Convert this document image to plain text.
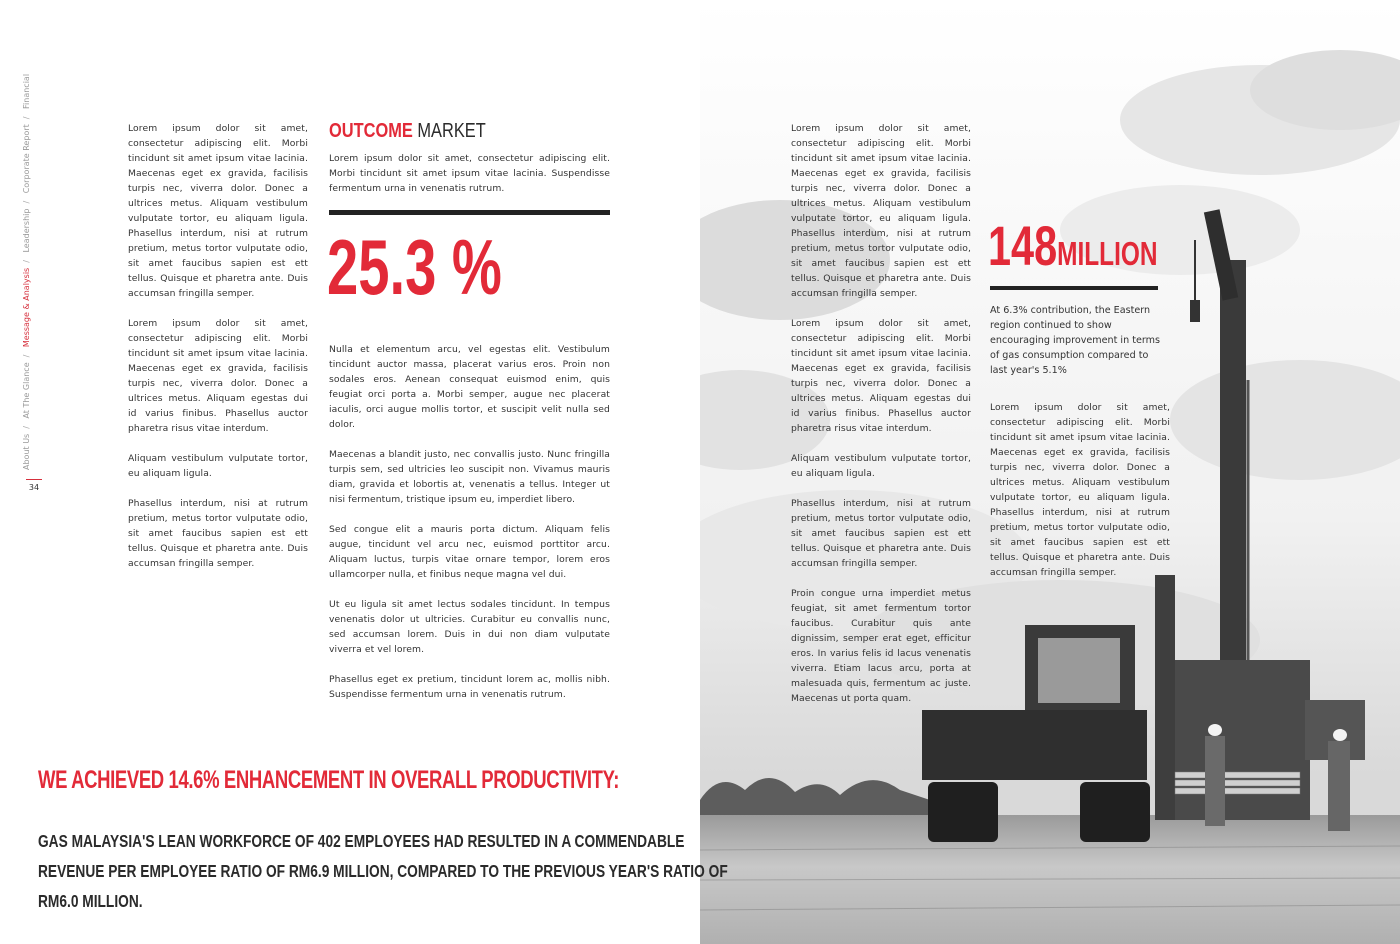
About Us/ At The Glance/ Message & Analysis/ Leadership/ Corporate Report/ Financial
34

Lorem ipsum dolor sit amet, consectetur adipiscing elit. Morbi tincidunt sit amet ipsum vitae lacinia. Maecenas eget ex gravida, facilisis turpis nec, viverra dolor. Donec a ultrices metus. Aliquam vestibulum vulputate tortor, eu aliquam ligula. Phasellus interdum, nisi at rutrum pretium, metus tortor vulputate odio, sit amet faucibus sapien est ett tellus. Quisque et pharetra ante. Duis accumsan fringilla semper.

Lorem ipsum dolor sit amet, consectetur adipiscing elit. Morbi tincidunt sit amet ipsum vitae lacinia. Maecenas eget ex gravida, facilisis turpis nec, viverra dolor. Donec a ultrices metus. Aliquam egestas dui id varius finibus. Phasellus auctor pharetra risus vitae interdum.

Aliquam vestibulum vulputate tortor, eu aliquam ligula.

Phasellus interdum, nisi at rutrum pretium, metus tortor vulputate odio, sit amet faucibus sapien est ett tellus. Quisque et pharetra ante. Duis accumsan fringilla semper.

OUTCOME MARKET

Lorem ipsum dolor sit amet, consectetur adipiscing elit. Morbi tincidunt sit amet ipsum vitae lacinia. Suspendisse fermentum urna in venenatis rutrum.

25.3 %

Nulla et elementum arcu, vel egestas elit. Vestibulum tincidunt auctor massa, placerat varius eros. Proin non sodales eros. Aenean consequat euismod enim, quis feugiat orci porta a. Morbi semper, augue nec placerat iaculis, orci augue mollis tortor, et suscipit velit nulla sed dolor.

Maecenas a blandit justo, nec convallis justo. Nunc fringilla turpis sem, sed ultricies leo suscipit non. Vivamus mauris diam, gravida et lobortis at, venenatis a tellus. Integer ut nisi fermentum, tristique ipsum eu, imperdiet libero.

Sed congue elit a mauris porta dictum. Aliquam felis augue, tincidunt vel arcu nec, euismod porttitor arcu. Aliquam luctus, turpis vitae ornare tempor, lorem eros ullamcorper nulla, et finibus neque magna vel dui.

Ut eu ligula sit amet lectus sodales tincidunt. In tempus venenatis dolor ut ultricies. Curabitur eu convallis nunc, sed accumsan lorem. Duis in dui non diam vulputate viverra et vel lorem.

Phasellus eget ex pretium, tincidunt lorem ac, mollis nibh. Suspendisse fermentum urna in venenatis rutrum.

WE ACHIEVED 14.6% ENHANCEMENT IN OVERALL PRODUCTIVITY:
GAS MALAYSIA'S LEAN WORKFORCE OF 402 EMPLOYEES HAD RESULTED IN A COMMENDABLE
REVENUE PER EMPLOYEE RATIO OF RM6.9 MILLION, COMPARED TO THE PREVIOUS YEAR'S RATIO OF
RM6.0 MILLION.

Lorem ipsum dolor sit amet, consectetur adipiscing elit. Morbi tincidunt sit amet ipsum vitae lacinia. Maecenas eget ex gravida, facilisis turpis nec, viverra dolor. Donec a ultrices metus. Aliquam vestibulum vulputate tortor, eu aliquam ligula. Phasellus interdum, nisi at rutrum pretium, metus tortor vulputate odio, sit amet faucibus sapien est ett tellus. Quisque et pharetra ante. Duis accumsan fringilla semper.

Lorem ipsum dolor sit amet, consectetur adipiscing elit. Morbi tincidunt sit amet ipsum vitae lacinia. Maecenas eget ex gravida, facilisis turpis nec, viverra dolor. Donec a ultrices metus. Aliquam egestas dui id varius finibus. Phasellus auctor pharetra risus vitae interdum.

Aliquam vestibulum vulputate tortor, eu aliquam ligula.

Phasellus interdum, nisi at rutrum pretium, metus tortor vulputate odio, sit amet faucibus sapien est ett tellus. Quisque et pharetra ante. Duis accumsan fringilla semper.

Proin congue urna imperdiet metus feugiat, sit amet fermentum tortor faucibus. Curabitur quis ante dignissim, semper erat eget, efficitur eros. In varius felis id lacus venenatis viverra. Etiam lacus arcu, porta at malesuada quis, fermentum ac juste. Maecenas ut porta quam.

148MILLION
At 6.3% contribution, the Eastern region continued to show encouraging improvement in terms of gas consumption compared to last year's 5.1%

Lorem ipsum dolor sit amet, consectetur adipiscing elit. Morbi tincidunt sit amet ipsum vitae lacinia. Maecenas eget ex gravida, facilisis turpis nec, viverra dolor. Donec a ultrices metus. Aliquam vestibulum vulputate tortor, eu aliquam ligula. Phasellus interdum, nisi at rutrum pretium, metus tortor vulputate odio, sit amet faucibus sapien est ett tellus. Quisque et pharetra ante. Duis accumsan fringilla semper.
